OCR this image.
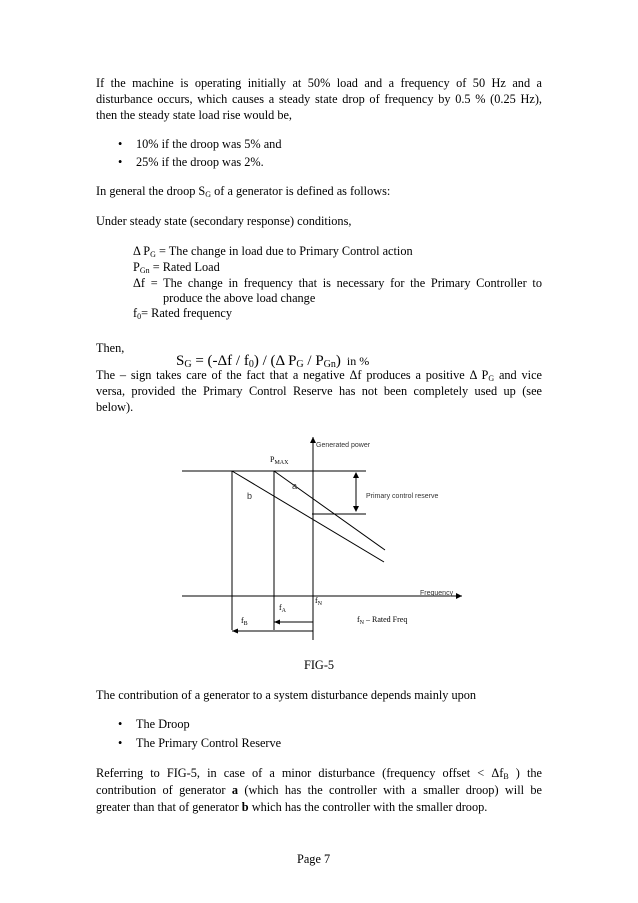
If the machine is operating initially at 50% load and a frequency of 50 Hz and a disturbance occurs, which causes a steady state drop of frequency by 0.5 % (0.25 Hz), then the steady state load rise would be,

• 10% if the droop was 5% and
• 25% if the droop was 2%.

In general the droop $S_G$ of a generator is defined as follows:

Under steady state (secondary response) conditions,

Δ $P_G$ = The change in load due to Primary Control action

$P_{Gn}$ = Rated Load

Δf = The change in frequency that is necessary for the Primary Controller to

produce the above load change

$f_0=$ Rated frequency

Then,

$S_G = (-\Delta f / f_0) / (\Delta$ $P_G / P_{Gn}$) in %

The – sign takes care of the fact that a negative Δf produces a positive Δ $P_G$ and vice

versa, provided the Primary Control Reserve has not been completely used up (see

below).

Generated power
$P_{MAX}$
a
b	Primary control reserve
Frequency
$f_N$
$f_A$
$f_B$	$f_N$ – Rated Freq

FIG-5

The contribution of a generator to a system disturbance depends mainly upon

• The Droop
• The Primary Control Reserve

Referring to FIG-5, in case of a minor disturbance (frequency offset < $\Delta f_B$ ) the

contribution of generator a (which has the controller with a smaller droop) will be

greater than that of generator b which has the controller with the smaller droop.

Page 7
